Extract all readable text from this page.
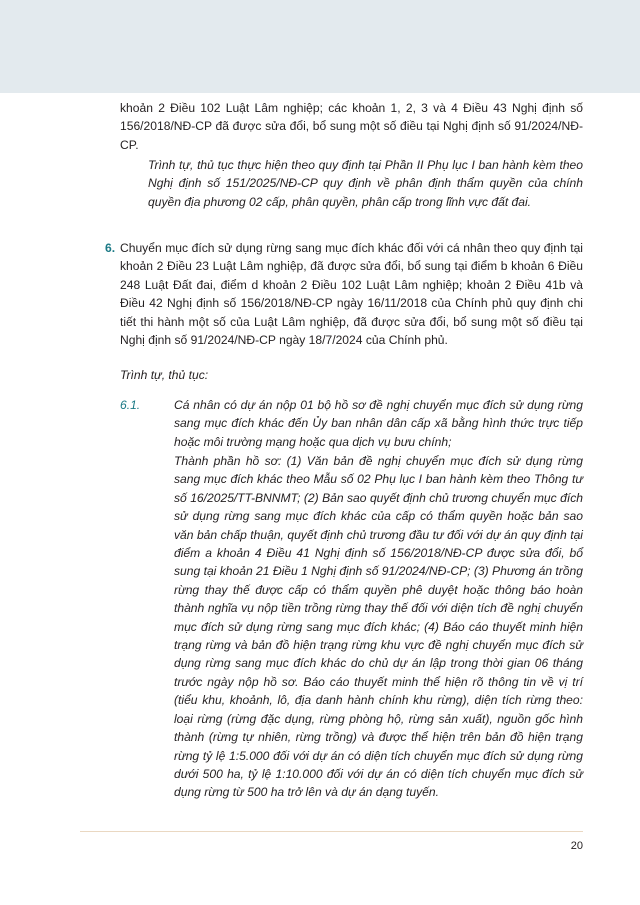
khoản 2 Điều 102 Luật Lâm nghiệp; các khoản 1, 2, 3 và 4 Điều 43 Nghị định số 156/2018/NĐ-CP đã được sửa đổi, bổ sung một số điều tại Nghị định số 91/2024/NĐ-CP.

Trình tự, thủ tục thực hiện theo quy định tại Phần II Phụ lục I ban hành kèm theo Nghị định số 151/2025/NĐ-CP quy định về phân định thẩm quyền của chính quyền địa phương 02 cấp, phân quyền, phân cấp trong lĩnh vực đất đai.

6. Chuyển mục đích sử dụng rừng sang mục đích khác đối với cá nhân theo quy định tại khoản 2 Điều 23 Luật Lâm nghiệp, đã được sửa đổi, bổ sung tại điểm b khoản 6 Điều 248 Luật Đất đai, điểm d khoản 2 Điều 102 Luật Lâm nghiệp; khoản 2 Điều 41b và Điều 42 Nghị định số 156/2018/NĐ-CP ngày 16/11/2018 của Chính phủ quy định chi tiết thi hành một số của Luật Lâm nghiệp, đã được sửa đổi, bổ sung một số điều tại Nghị định số 91/2024/NĐ-CP ngày 18/7/2024 của Chính phủ.

Trình tự, thủ tục:

6.1.	Cá nhân có dự án nộp 01 bộ hồ sơ đề nghị chuyển mục đích sử dụng rừng sang mục đích khác đến Ủy ban nhân dân cấp xã bằng hình thức trực tiếp hoặc môi trường mạng hoặc qua dịch vụ bưu chính;

Thành phần hồ sơ: (1) Văn bản đề nghị chuyển mục đích sử dụng rừng sang mục đích khác theo Mẫu số 02 Phụ lục I ban hành kèm theo Thông tư số 16/2025/TT-BNNMT; (2) Bản sao quyết định chủ trương chuyển mục đích sử dụng rừng sang mục đích khác của cấp có thẩm quyền hoặc bản sao văn bản chấp thuận, quyết định chủ trương đầu tư đối với dự án quy định tại điểm a khoản 4 Điều 41 Nghị định số 156/2018/NĐ-CP được sửa đổi, bổ sung tại khoản 21 Điều 1 Nghị định số 91/2024/NĐ-CP; (3) Phương án trồng rừng thay thế được cấp có thẩm quyền phê duyệt hoặc thông báo hoàn thành nghĩa vụ nộp tiền trồng rừng thay thế đối với diện tích đề nghị chuyển mục đích sử dụng rừng sang mục đích khác; (4) Báo cáo thuyết minh hiện trạng rừng và bản đồ hiện trạng rừng khu vực đề nghị chuyển mục đích sử dụng rừng sang mục đích khác do chủ dự án lập trong thời gian 06 tháng trước ngày nộp hồ sơ. Báo cáo thuyết minh thể hiện rõ thông tin về vị trí (tiểu khu, khoảnh, lô, địa danh hành chính khu rừng), diện tích rừng theo: loại rừng (rừng đặc dụng, rừng phòng hộ, rừng sản xuất), nguồn gốc hình thành (rừng tự nhiên, rừng trồng) và được thể hiện trên bản đồ hiện trạng rừng tỷ lệ 1:5.000 đối với dự án có diện tích chuyển mục đích sử dụng rừng dưới 500 ha, tỷ lệ 1:10.000 đối với dự án có diện tích chuyển mục đích sử dụng rừng từ 500 ha trở lên và dự án dạng tuyến.

20
